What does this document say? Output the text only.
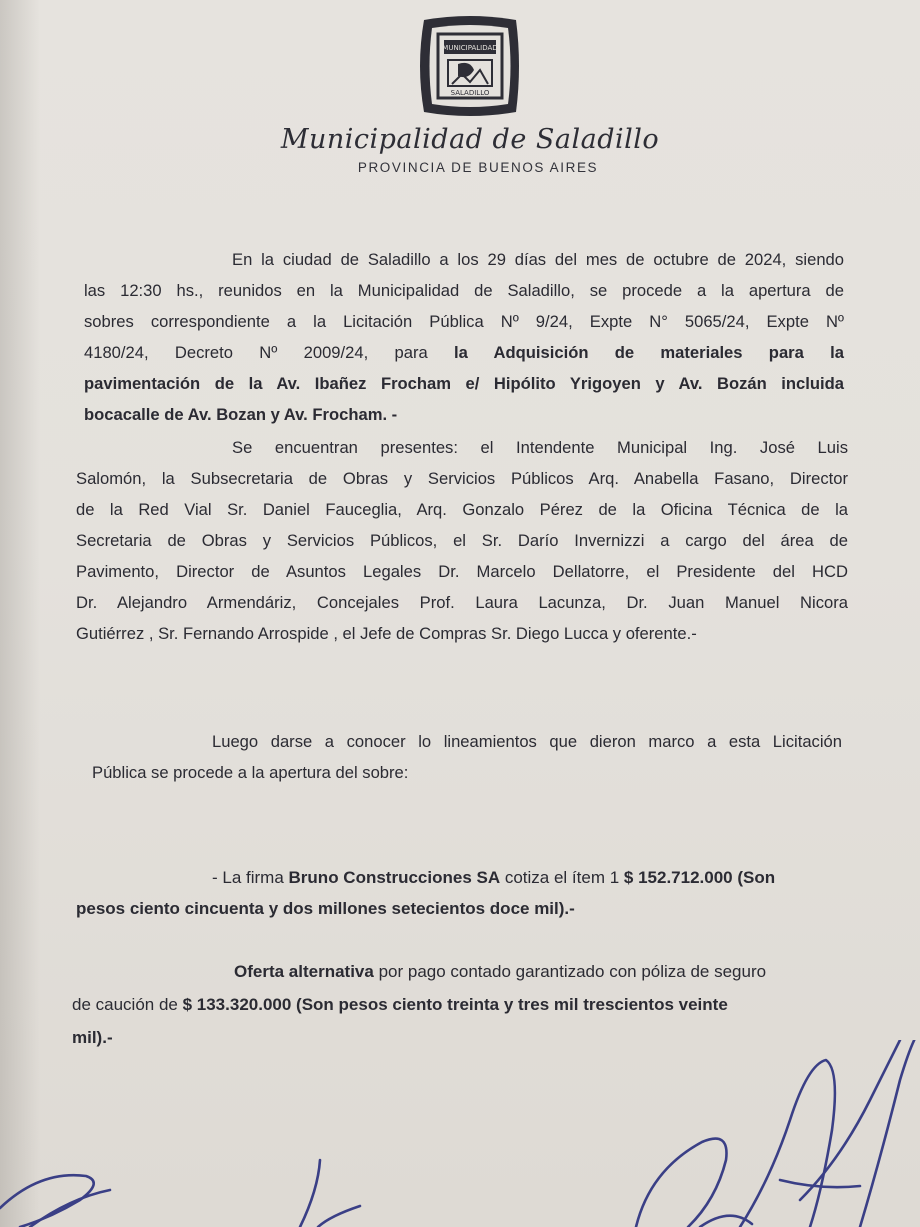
MUNICIPALIDAD
SALADILLO
Municipalidad de Saladillo
PROVINCIA DE BUENOS AIRES
En la ciudad de Saladillo a los 29 días del mes de octubre de 2024, siendo
las 12:30 hs., reunidos en la Municipalidad de Saladillo, se procede a la apertura de
sobres correspondiente a la Licitación Pública Nº 9/24, Expte N° 5065/24, Expte Nº
4180/24, Decreto Nº 2009/24, para la Adquisición de materiales para la
pavimentación de la Av. Ibañez Frocham e/ Hipólito Yrigoyen y Av. Bozán incluida
bocacalle de Av. Bozan y Av. Frocham. -
Se encuentran presentes: el Intendente Municipal Ing. José Luis
Salomón, la Subsecretaria de Obras y Servicios Públicos Arq. Anabella Fasano, Director
de la Red Vial Sr. Daniel Fauceglia, Arq. Gonzalo Pérez de la Oficina Técnica de la
Secretaria de Obras y Servicios Públicos, el Sr. Darío Invernizzi a cargo del área de
Pavimento, Director de Asuntos Legales Dr. Marcelo Dellatorre, el Presidente del HCD
Dr. Alejandro Armendáriz, Concejales Prof. Laura Lacunza, Dr. Juan Manuel Nicora
Gutiérrez , Sr. Fernando Arrospide , el Jefe de Compras Sr. Diego Lucca y oferente.-
Luego darse a conocer lo lineamientos que dieron marco a esta Licitación
Pública se procede a la apertura del sobre:
- La firma Bruno Construcciones SA cotiza el ítem 1 $ 152.712.000 (Son
pesos ciento cincuenta y dos millones setecientos doce mil).-
Oferta alternativa por pago contado garantizado con póliza de seguro
de caución de $ 133.320.000 (Son pesos ciento treinta y tres mil trescientos veinte
mil).-
